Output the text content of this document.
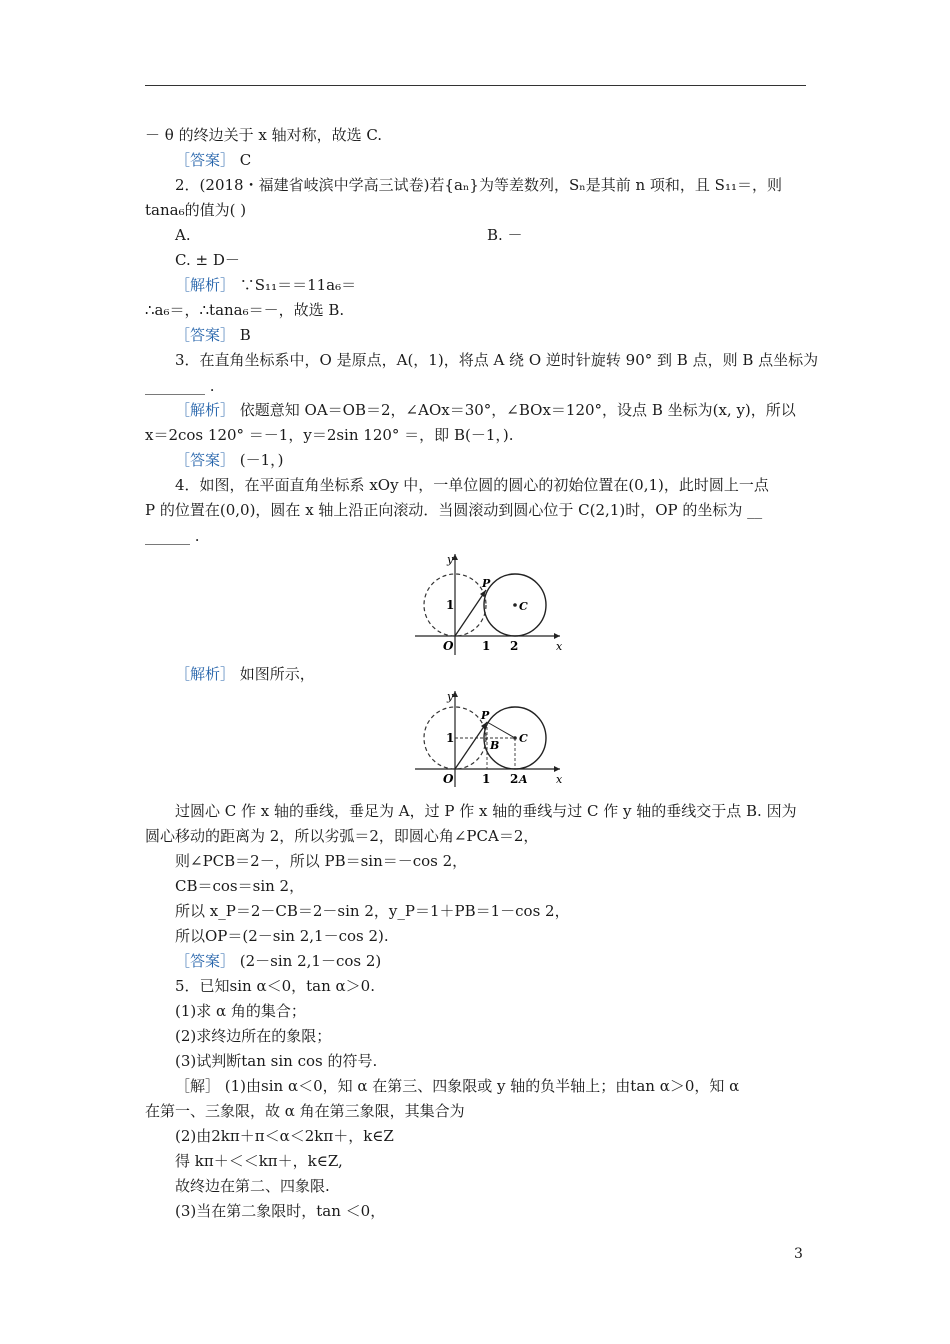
－ θ 的终边关于 x 轴对称，故选 C.
［答案］ C
2．(2018・福建省岐滨中学高三试卷)若{aₙ}为等差数列，Sₙ是其前 n 项和，且 S₁₁＝，则
tana₆的值为( )
A.	B. －
C. ± D－
［解析］ ∵S₁₁＝＝11a₆＝
∴a₆＝，∴tana₆＝－，故选 B.
［答案］ B
3．在直角坐标系中，O 是原点，A(，1)，将点 A 绕 O 逆时针旋转 90° 到 B 点，则 B 点坐标为
________ .
［解析］ 依题意知 OA＝OB＝2，∠AOx＝30°，∠BOx＝120°，设点 B 坐标为(x, y)，所以
x＝2cos 120° ＝－1，y＝2sin 120° ＝，即 B(－1，).
［答案］ (－1，)
4．如图，在平面直角坐标系 xOy 中，一单位圆的圆心的初始位置在(0,1)，此时圆上一点
P 的位置在(0,0)，圆在 x 轴上沿正向滚动．当圆滚动到圆心位于 C(2,1)时，OP 的坐标为 __
______ .
［解析］ 如图所示，
过圆心 C 作 x 轴的垂线，垂足为 A，过 P 作 x 轴的垂线与过 C 作 y 轴的垂线交于点 B. 因为
圆心移动的距离为 2，所以劣弧＝2，即圆心角∠PCA＝2，
则∠PCB＝2－，所以 PB＝sin＝－cos 2，
CB＝cos＝sin 2，
所以 x_P＝2－CB＝2－sin 2，y_P＝1＋PB＝1－cos 2，
所以OP＝(2－sin 2,1－cos 2).
［答案］ (2－sin 2,1－cos 2)
5．已知sin α＜0，tan α＞0.
(1)求 α 角的集合；
(2)求终边所在的象限；
(3)试判断tan sin cos 的符号.
［解］ (1)由sin α＜0，知 α 在第三、四象限或 y 轴的负半轴上；由tan α＞0，知 α
在第一、三象限，故 α 角在第三象限，其集合为
(2)由2kπ＋π＜α＜2kπ＋，k∈Z
得 kπ＋＜＜kπ＋，k∈Z,
故终边在第二、四象限.
(3)当在第二象限时，tan ＜0，
y
x
O
1
1 2
P
C
y
x
O
1
1 2 A
P
B
C
3
